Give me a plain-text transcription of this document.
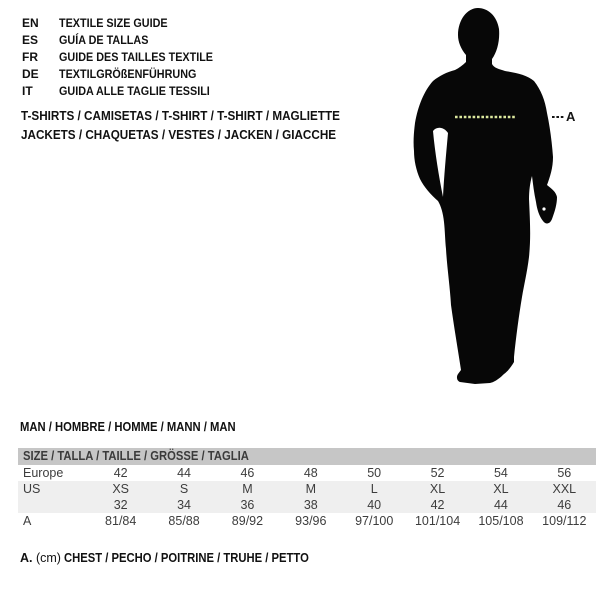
EN TEXTILE SIZE GUIDE
ES GUÍA DE TALLAS
FR GUIDE DES TAILLES TEXTILE
DE TEXTILGRÖßENFÜHRUNG
IT GUIDA ALLE TAGLIE TESSILI
T-SHIRTS / CAMISETAS / T-SHIRT / T-SHIRT / MAGLIETTE
JACKETS / CHAQUETAS / VESTES / JACKEN / GIACCHE
A
MAN / HOMBRE / HOMME / MANN / MAN
SIZE / TALLA / TAILLE / GRÖSSE / TAGLIA
Europe	42	44	46	48	50	52	54	56
US	XS	S	M	M	L	XL	XL	XXL
	32	34	36	38	40	42	44	46
A	81/84	85/88	89/92	93/96	97/100	101/104	105/108	109/112
A. (cm) CHEST / PECHO / POITRINE / TRUHE / PETTO
